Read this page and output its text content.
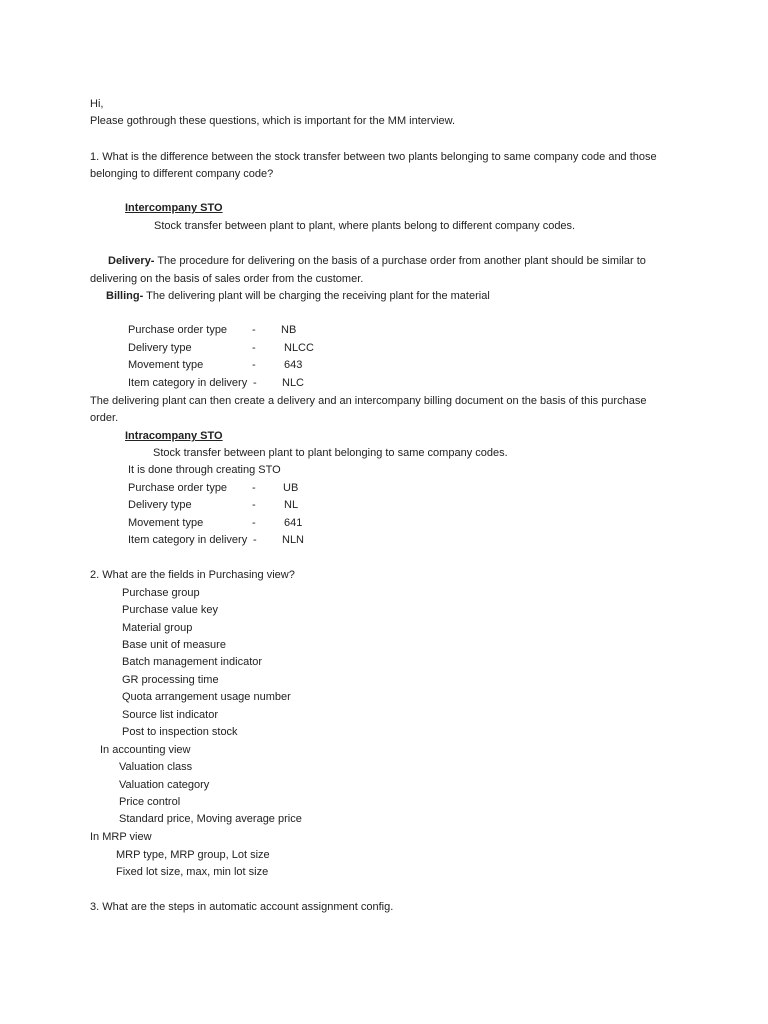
Hi,
Please gothrough these questions, which is important for the MM interview.
1. What is the difference between the stock transfer between two plants belonging to same company code and those
belonging to different company code?
Intercompany STO
Stock transfer between plant to plant, where plants belong to different company codes.
Delivery- The procedure for delivering on the basis of a purchase order from another plant should be similar to
delivering on the basis of sales order from the customer.
Billing- The delivering plant will be charging the receiving plant for the material
Purchase order type - NB
Delivery type	-	NLCC
Movement type	-	643
Item category in delivery - NLC
The delivering plant can then create a delivery and an intercompany billing document on the basis of this purchase
order.
Intracompany STO
Stock transfer between plant to plant belonging to same company codes.
It is done through creating STO
Purchase order type - UB
Delivery type	-	NL
Movement type	-	641
Item category in delivery - NLN
2. What are the fields in Purchasing view?
Purchase group
Purchase value key
Material group
Base unit of measure
Batch management indicator
GR processing time
Quota arrangement usage number
Source list indicator
Post to inspection stock
In accounting view
Valuation class
Valuation category
Price control
Standard price, Moving average price
In MRP view
MRP type, MRP group, Lot size
Fixed lot size, max, min lot size
3. What are the steps in automatic account assignment config.
